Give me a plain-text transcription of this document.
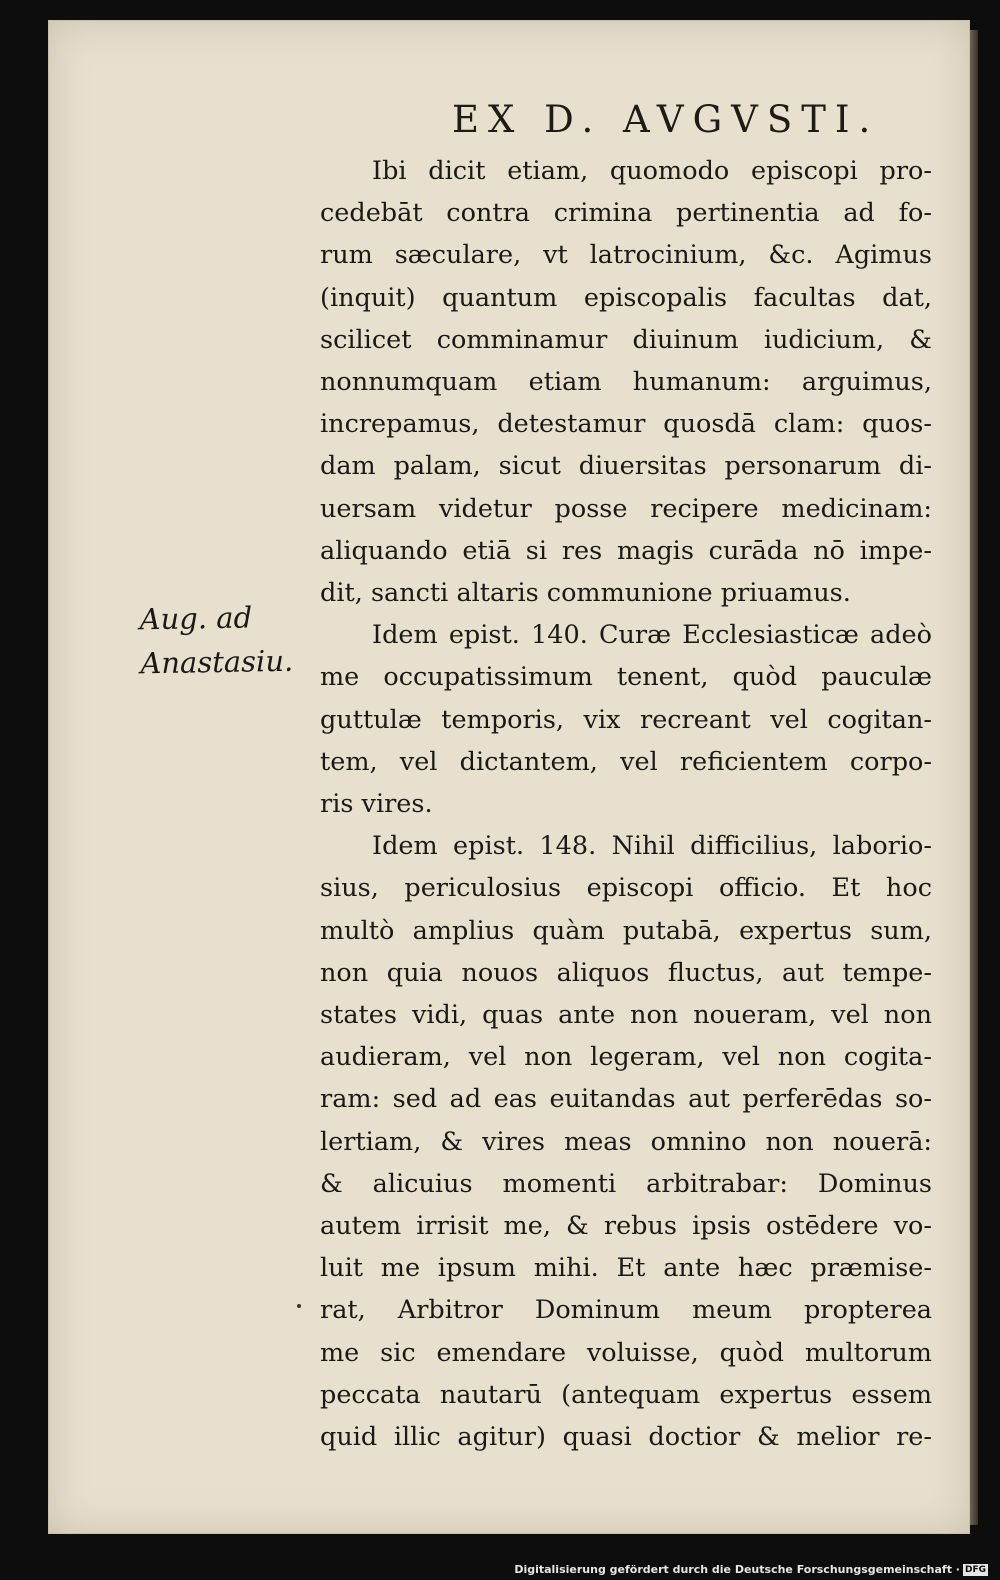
EX D. AVGVSTI.
Aug. ad
Anastasiu.
Ibi dicit etiam, quomodo episcopi pro-
cedebāt contra crimina pertinentia ad fo-
rum sæculare, vt latrocinium, &c. Agimus
(inquit) quantum episcopalis facultas dat,
scilicet comminamur diuinum iudicium, &
nonnumquam etiam humanum: arguimus,
increpamus, detestamur quosdā clam: quos-
dam palam, sicut diuersitas personarum di-
uersam videtur posse recipere medicinam:
aliquando etiā si res magis curāda nō impe-
dit, sancti altaris communione priuamus.
Idem epist. 140. Curæ Ecclesiasticæ adeò
me occupatissimum tenent, quòd pauculæ
guttulæ temporis, vix recreant vel cogitan-
tem, vel dictantem, vel reficientem corpo-
ris vires.
Idem epist. 148. Nihil difficilius, laborio-
sius, periculosius episcopi officio. Et hoc
multò amplius quàm putabā, expertus sum,
non quia nouos aliquos fluctus, aut tempe-
states vidi, quas ante non noueram, vel non
audieram, vel non legeram, vel non cogita-
ram: sed ad eas euitandas aut perferēdas so-
lertiam, & vires meas omnino non nouerā:
& alicuius momenti arbitrabar: Dominus
autem irrisit me, & rebus ipsis ostēdere vo-
luit me ipsum mihi. Et ante hæc præmise-
rat, Arbitror Dominum meum propterea
me sic emendare voluisse, quòd multorum
peccata nautarū (antequam expertus essem
quid illic agitur) quasi doctior & melior re-
Digitalisierung gefördert durch die Deutsche Forschungsgemeinschaft · DFG
